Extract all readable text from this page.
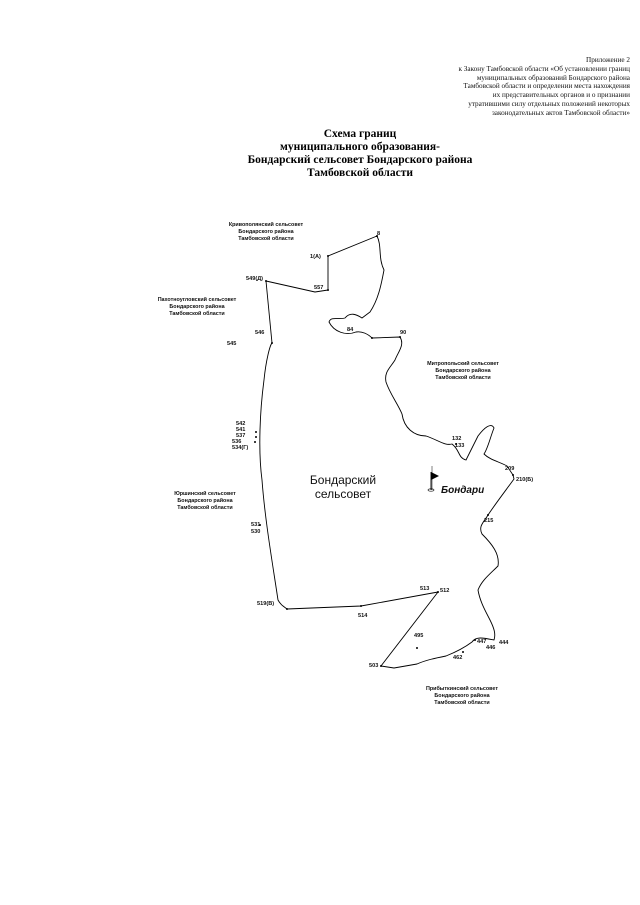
Приложение 2
к Закону Тамбовской области «Об установлении границ
муниципальных образований Бондарского района
Тамбовской области и определении места нахождения
их представительных органов и о признании
утратившими силу отдельных положений некоторых
законодательных актов Тамбовской области»
Схема границ
муниципального образования-
Бондарский сельсовет Бондарского района
Тамбовской области
Кривополянский сельсовет
Бондарского района
Тамбовской области
Пахотноугловский сельсовет
Бондарского района
Тамбовской области
Митропольский сельсовет
Бондарского района
Тамбовской области
Юршинский сельсовет
Бондарского района
Тамбовской области
Прибыткинский сельсовет
Бондарского района
Тамбовской области
Бондарский
сельсовет	Бондари
1(А)
8
557
549(Д)
84	90
546
545
542
541
537
536
534(Г)
132
133
209
210(Б)
215
531
530
513 512
519(В)
514
495
447 444
446
462
503
